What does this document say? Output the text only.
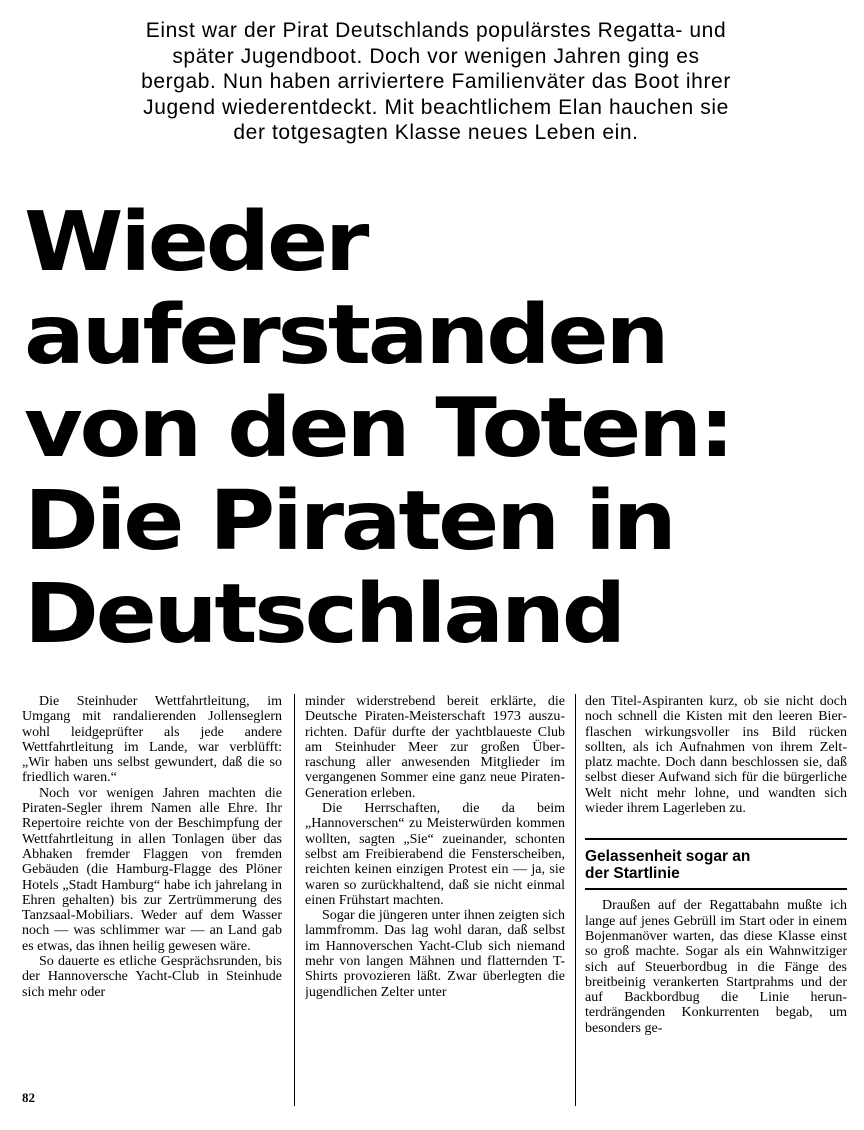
Einst war der Pirat Deutschlands populärstes Regatta- und
später Jugendboot. Doch vor wenigen Jahren ging es
bergab. Nun haben arriviertere Familienväter das Boot ihrer
Jugend wiederentdeckt. Mit beachtlichem Elan hauchen sie
der totgesagten Klasse neues Leben ein.
Wieder
auferstanden
von den Toten:
Die Piraten in
Deutschland

Die Steinhuder Wettfahrtleitung, im Umgang mit randalierenden Jollenseglern wohl leidgeprüfter als jede andere Wettfahrtleitung im Lande, war verblüfft: „Wir haben uns selbst gewundert, daß die so friedlich waren.“

Noch vor wenigen Jahren machten die Piraten-Segler ihrem Namen alle Ehre. Ihr Repertoire reichte von der Beschimpfung der Wettfahrtleitung in allen Tonlagen über das Abhaken fremder Flaggen von fremden Gebäuden (die Hamburg-Flagge des Plöner Hotels „Stadt Hamburg“ habe ich jahrelang in Ehren gehalten) bis zur Zertrümmerung des Tanzsaal-Mobiliars. Weder auf dem Wasser noch — was schlimmer war — an Land gab es etwas, das ihnen heilig gewesen wäre.

So dauerte es etliche Gesprächsrunden, bis der Hannoversche Yacht-Club in Steinhude sich mehr oder

minder widerstrebend bereit erklärte, die Deutsche Piraten-Meisterschaft 1973 auszurichten. Dafür durfte der yachtblaueste Club am Steinhuder Meer zur großen Überraschung aller anwesenden Mitglieder im vergangenen Sommer eine ganz neue Piraten-Generation erleben.

Die Herrschaften, die da beim „Hannoverschen“ zu Meisterwürden kommen wollten, sagten „Sie“ zueinander, schonten selbst am Freibierabend die Fensterscheiben, reichten keinen einzigen Protest ein — ja, sie waren so zurückhaltend, daß sie nicht einmal einen Frühstart machten.

Sogar die jüngeren unter ihnen zeigten sich lammfromm. Das lag wohl daran, daß selbst im Hannoverschen Yacht-Club sich niemand mehr von langen Mähnen und flatternden T-Shirts provozieren läßt. Zwar überlegten die jugendlichen Zelter unter

den Titel-Aspiranten kurz, ob sie nicht doch noch schnell die Kisten mit den leeren Bierflaschen wirkungsvoller ins Bild rücken sollten, als ich Aufnahmen von ihrem Zeltplatz machte. Doch dann beschlossen sie, daß selbst dieser Aufwand sich für die bürgerliche Welt nicht mehr lohne, und wandten sich wieder ihrem Lagerleben zu.

Gelassenheit sogar an
der Startlinie

Draußen auf der Regattabahn mußte ich lange auf jenes Gebrüll im Start oder in einem Bojenmanöver warten, das diese Klasse einst so groß machte. Sogar als ein Wahnwitziger sich auf Steuerbordbug in die Fänge des breitbeinig verankerten Startprahms und der auf Backbordbug die Linie herunterdrängenden Konkurrenten begab, um besonders ge-

82
